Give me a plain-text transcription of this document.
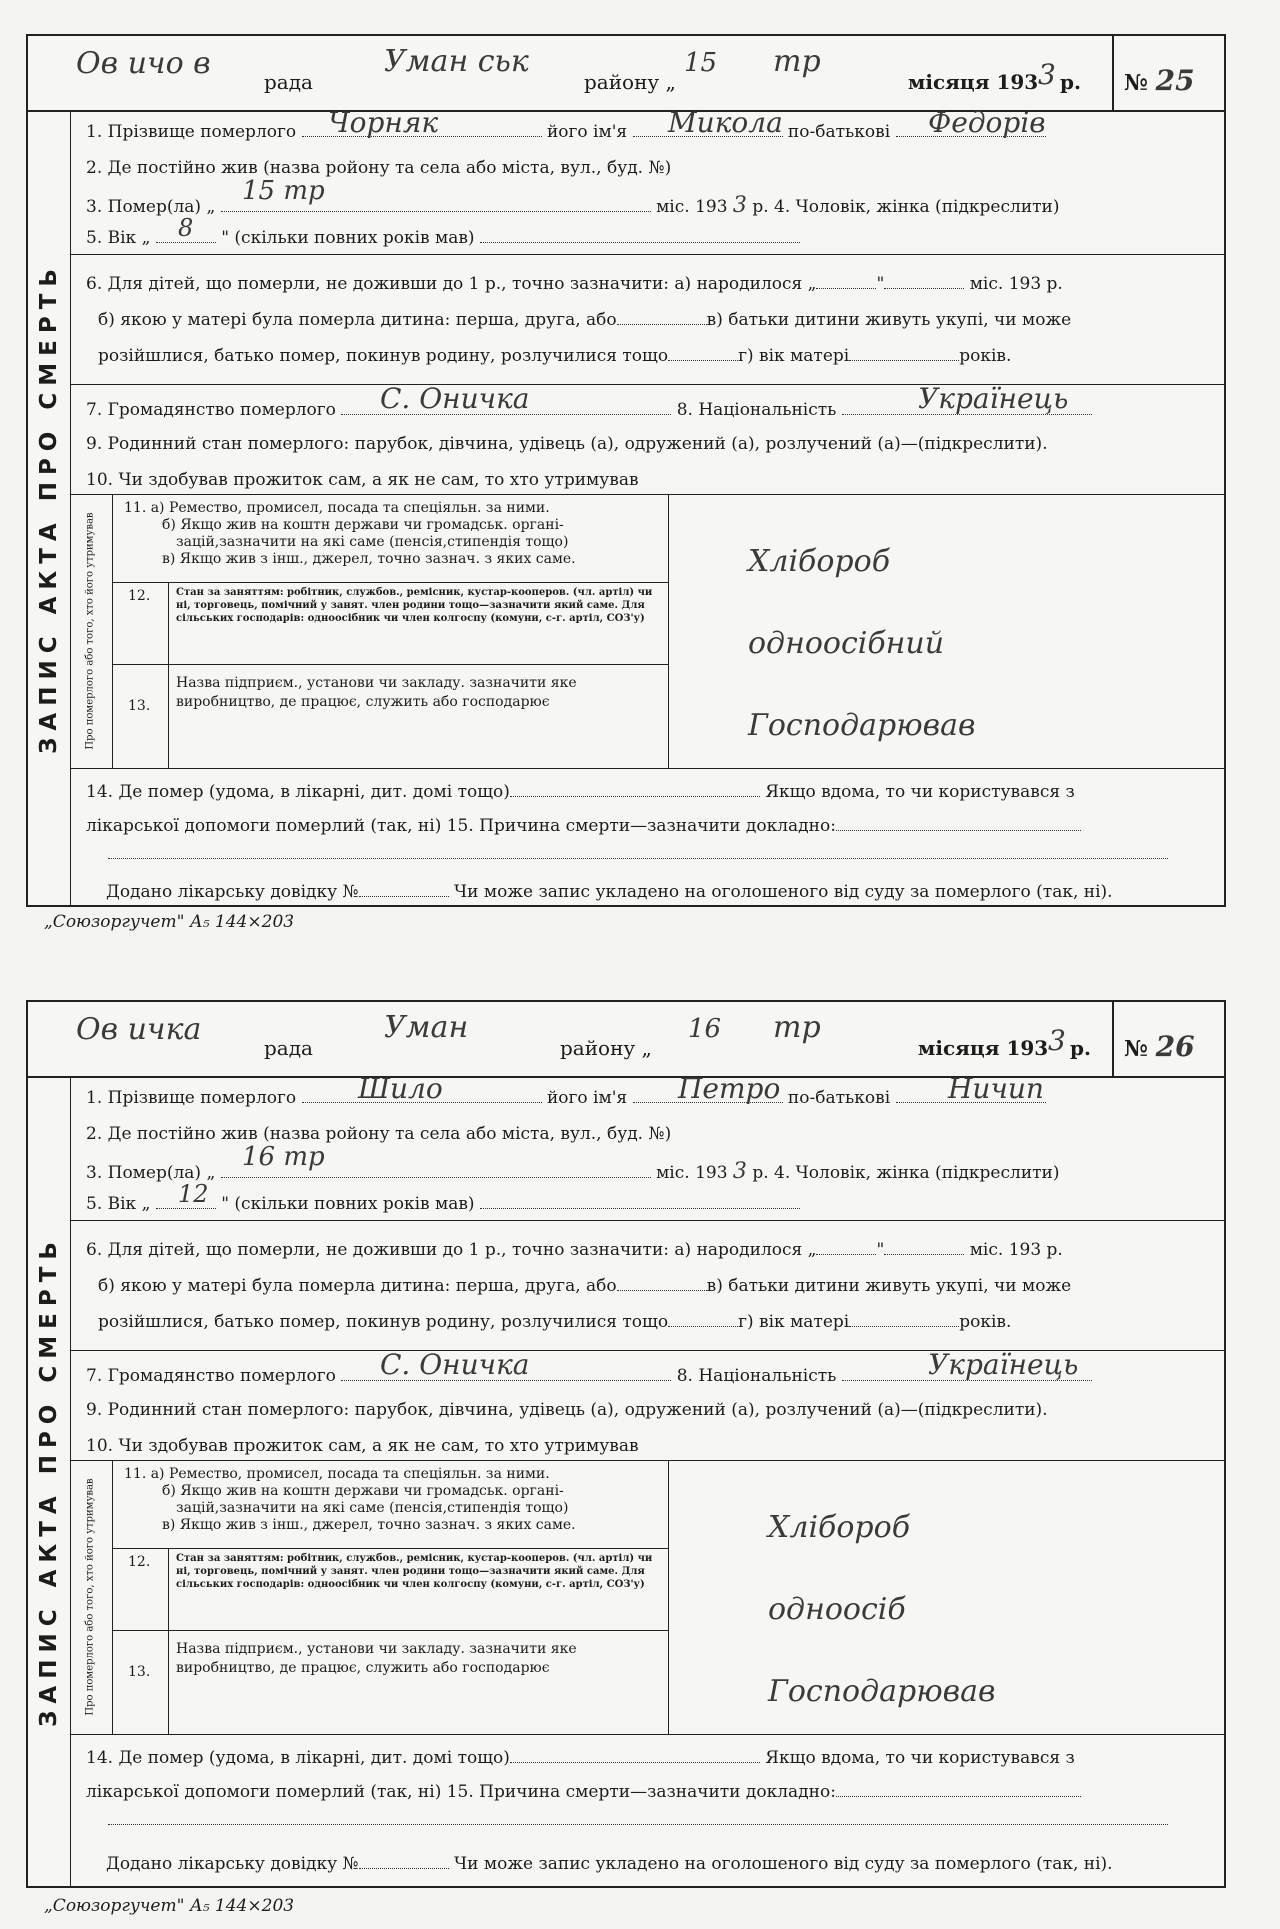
Ов ичо в
рада
Уман ськ
району „
15 тр
місяця 193 3 р.	№ 25
ЗАПИС АКТА ПРО СМЕРТЬ
1. Прізвище померлого	його ім'я	по-батькові
Чорняк	Микола	Федорів
2. Де постійно жив (назва ройону та села або міста, вул., буд. №)
3. Помер(ла) „	міс. 193 3 р. 4. Чоловік, жінка (підкреслити)
15 тр
5. Вік „	" (скільки повних років мав)
8
6. Для дітей, що померли, не доживши до 1 р., точно зазначити: а) народилося „	"	міс. 193 р.
б) якою у матері була померла дитина: перша, друга, або	в) батьки дитини живуть укупі, чи може
розійшлися, батько помер, покинув родину, розлучилися тощо	г) вік матері	років.
7. Громадянство померлого	8. Національність
С. Оничка	Українець
9. Родинний стан померлого: парубок, дівчина, удівець (а), одружений (а), розлучений (а)—(підкреслити).
10. Чи здобував прожиток сам, а як не сам, то хто утримував
Про померлого або того, хто його утримував
11. а) Ремество, промисел, посада та спеціяльн. за ними.
б) Якщо жив на коштн держави чи громадськ. органі-
зацій,зазначити на які саме (пенсія,стипендія тощо)
в) Якщо жив з інш., джерел, точно зазнач. з яких саме.
12.	Стан за заняттям: робітник, службов., ремісник, кустар-кооперов. (чл. артіл) чи ні, торговець, помічний у занят. член родини тощо—зазначити який саме. Для сільських господарів: одноосібник чи член колгоспу (комуни, с-г. артіл, СОЗ'у)
13.
Назва підприєм., установи чи закладу. зазначити яке виробництво, де працює, служить або господарює
Хлібороб
одноосібний
Господарював
14. Де помер (удома, в лікарні, дит. домі тощо)	Якщо вдома, то чи користувався з
лікарської допомоги померлий (так, ні) 15. Причина смерти—зазначити докладно:
Додано лікарську довідку №	Чи може запис укладено на оголошеного від суду за померлого (так, ні).
„Союзоргучет" А₅ 144×203
Ов ичка
рада
Уман
району „
16 тр
місяця 193 3 р.	№ 26
ЗАПИС АКТА ПРО СМЕРТЬ
1. Прізвище померлого	його ім'я	по-батькові
Шило	Петро	Ничип
2. Де постійно жив (назва ройону та села або міста, вул., буд. №)
3. Помер(ла) „	міс. 193 3 р. 4. Чоловік, жінка (підкреслити)
16 тр
5. Вік „	" (скільки повних років мав)
12
6. Для дітей, що померли, не доживши до 1 р., точно зазначити: а) народилося „	"	міс. 193 р.
б) якою у матері була померла дитина: перша, друга, або	в) батьки дитини живуть укупі, чи може
розійшлися, батько помер, покинув родину, розлучилися тощо	г) вік матері	років.
7. Громадянство померлого	8. Національність
С. Оничка	Українець
9. Родинний стан померлого: парубок, дівчина, удівець (а), одружений (а), розлучений (а)—(підкреслити).
10. Чи здобував прожиток сам, а як не сам, то хто утримував
Про померлого або того, хто його утримував
11. а) Ремество, промисел, посада та спеціяльн. за ними.
б) Якщо жив на коштн держави чи громадськ. органі-
зацій,зазначити на які саме (пенсія,стипендія тощо)
в) Якщо жив з інш., джерел, точно зазнач. з яких саме.
12.	Стан за заняттям: робітник, службов., ремісник, кустар-кооперов. (чл. артіл) чи ні, торговець, помічний у занят. член родини тощо—зазначити який саме. Для сільських господарів: одноосібник чи член колгоспу (комуни, с-г. артіл, СОЗ'у)
13.
Назва підприєм., установи чи закладу. зазначити яке виробництво, де працює, служить або господарює
Хлібороб
одноосіб
Господарював
14. Де помер (удома, в лікарні, дит. домі тощо)	Якщо вдома, то чи користувався з
лікарської допомоги померлий (так, ні) 15. Причина смерти—зазначити докладно:
Додано лікарську довідку №	Чи може запис укладено на оголошеного від суду за померлого (так, ні).
„Союзоргучет" А₅ 144×203
